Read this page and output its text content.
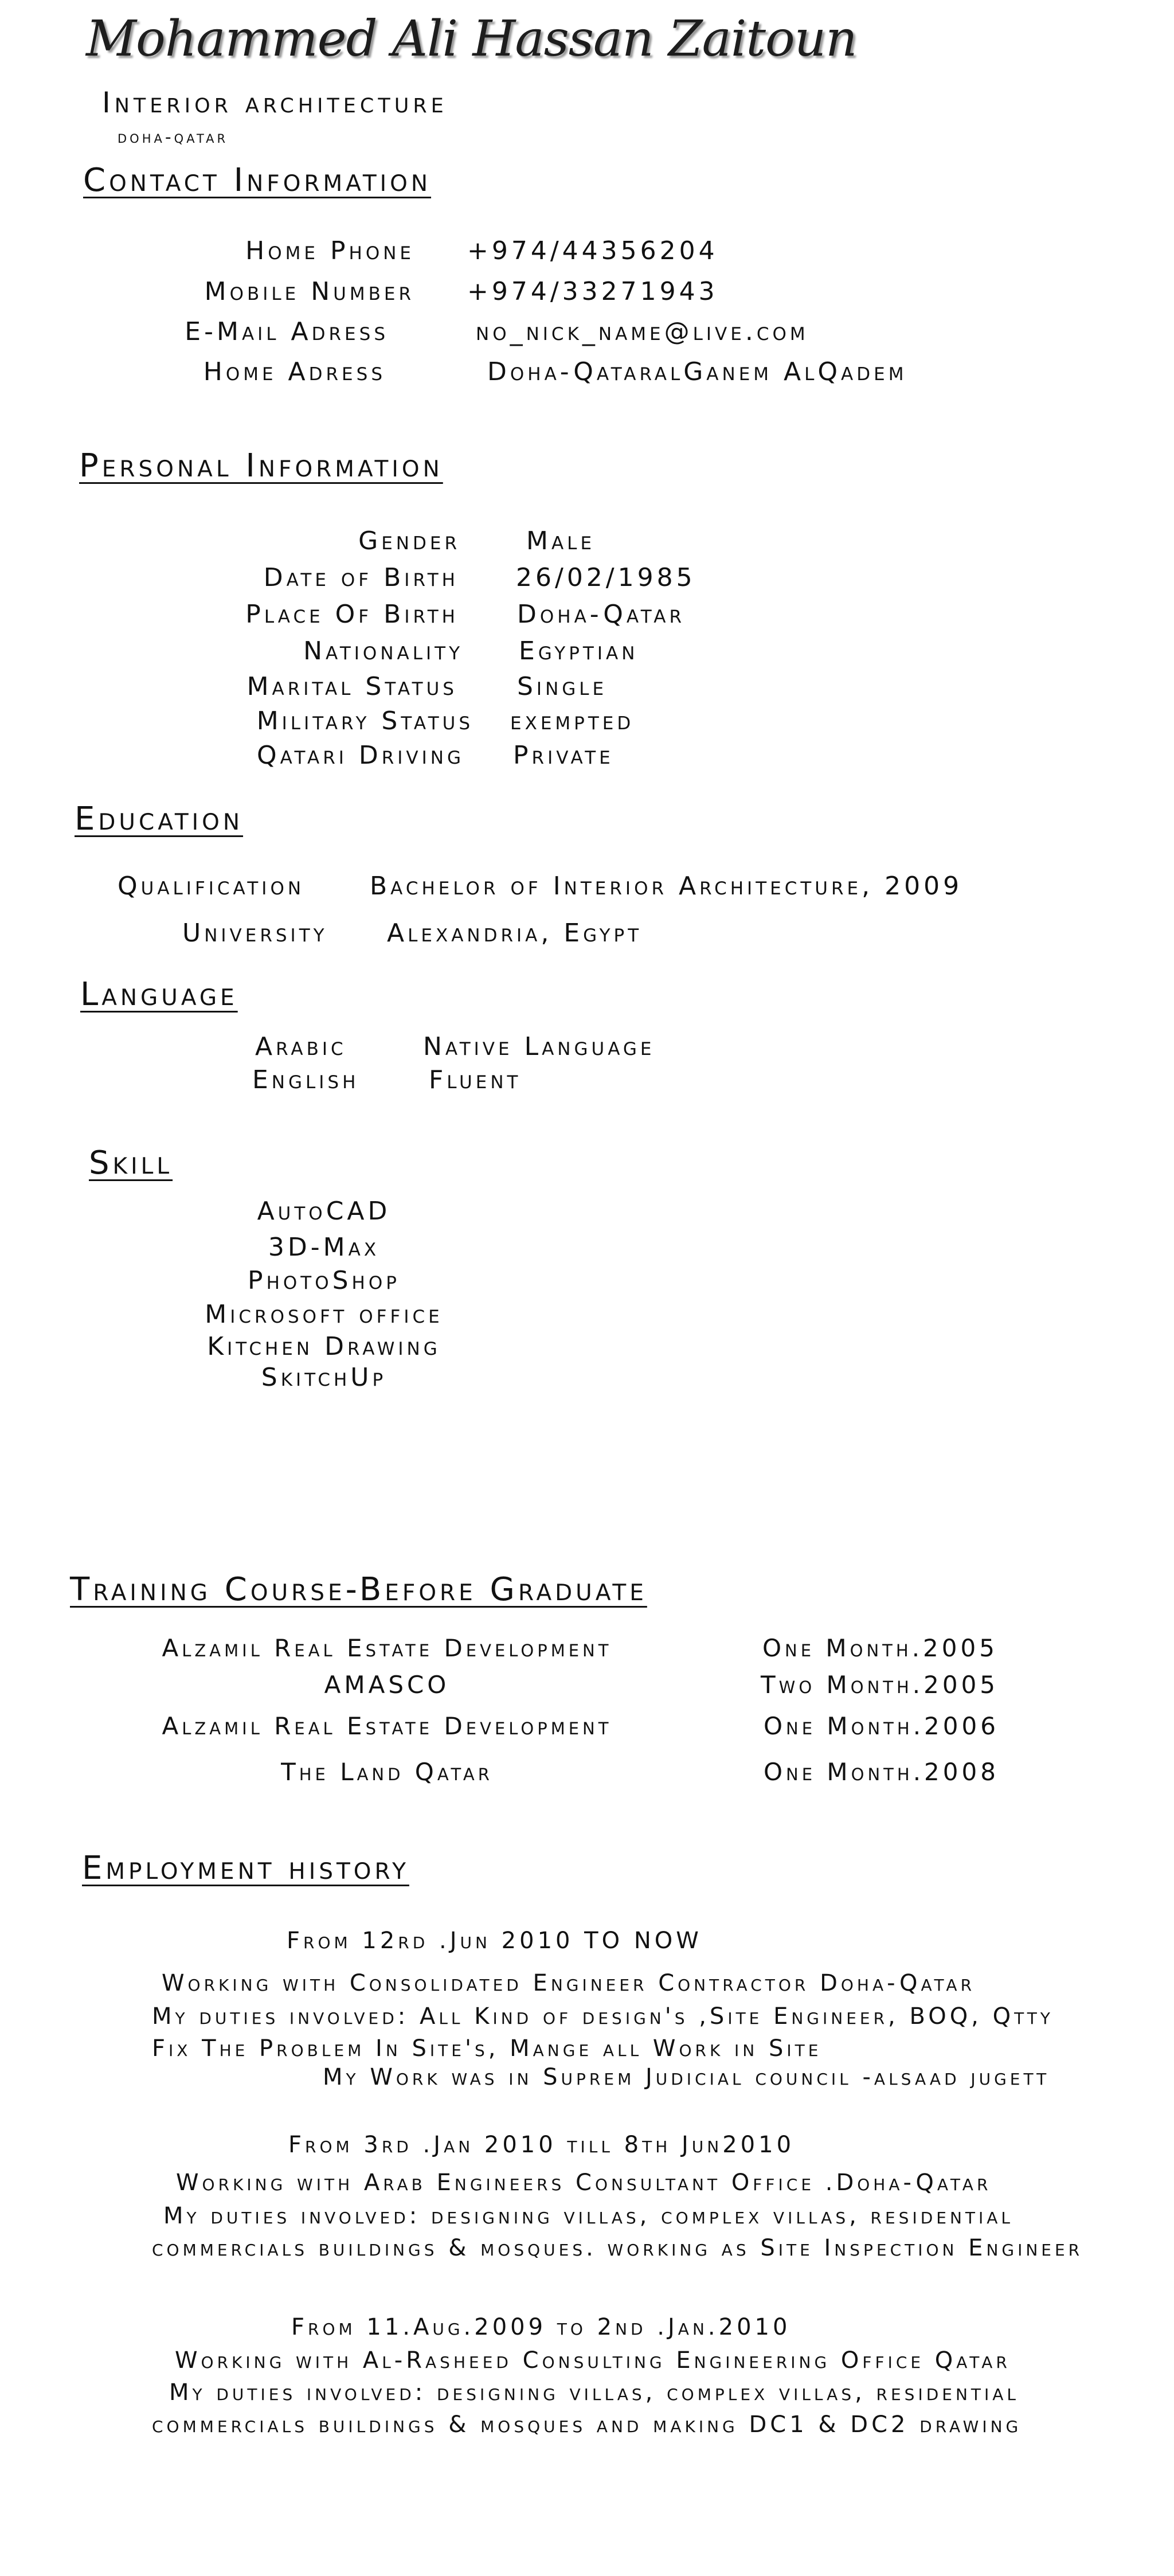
Mohammed Ali Hassan Zaitoun
Interior architecture
doha-qatar
Contact Information
Home Phone +974/44356204
Mobile Number +974/33271943
E-Mail Adress	no_nick_name@live.com
Home Adress	Doha-QataralGanem AlQadem
Personal Information
Gender	Male
Date of Birth 26/02/1985
Place Of Birth Doha-Qatar
Nationality Egyptian
Marital Status Single
Military Status exempted
Qatari Driving Private
Education
Qualification	Bachelor of Interior Architecture, 2009
University Alexandria, Egypt
Language
Arabic	Native Language
English	Fluent
Skill
AutoCAD
3D-Max
PhotoShop
Microsoft office
Kitchen Drawing
SkitchUp
Training Course-Before Graduate
Alzamil Real Estate Development	One Month.2005
AMASCO	Two Month.2005
Alzamil Real Estate Development	One Month.2006
The Land Qatar	One Month.2008
Employment history
From 12rd .Jun 2010 TO NOW
Working with Consolidated Engineer Contractor Doha-Qatar
My duties involved: All Kind of design's ,Site Engineer, BOQ, Qtty
Fix The Problem In Site's, Mange all Work in Site
My Work was in Suprem Judicial council -alsaad jugett
From 3rd .Jan 2010 till 8th Jun2010
Working with Arab Engineers Consultant Office .Doha-Qatar
My duties involved: designing villas, complex villas, residential
commercials buildings & mosques. working as Site Inspection Engineer
From 11.Aug.2009 to 2nd .Jan.2010
Working with Al-Rasheed Consulting Engineering Office Qatar
My duties involved: designing villas, complex villas, residential
commercials buildings & mosques and making DC1 & DC2 drawing
